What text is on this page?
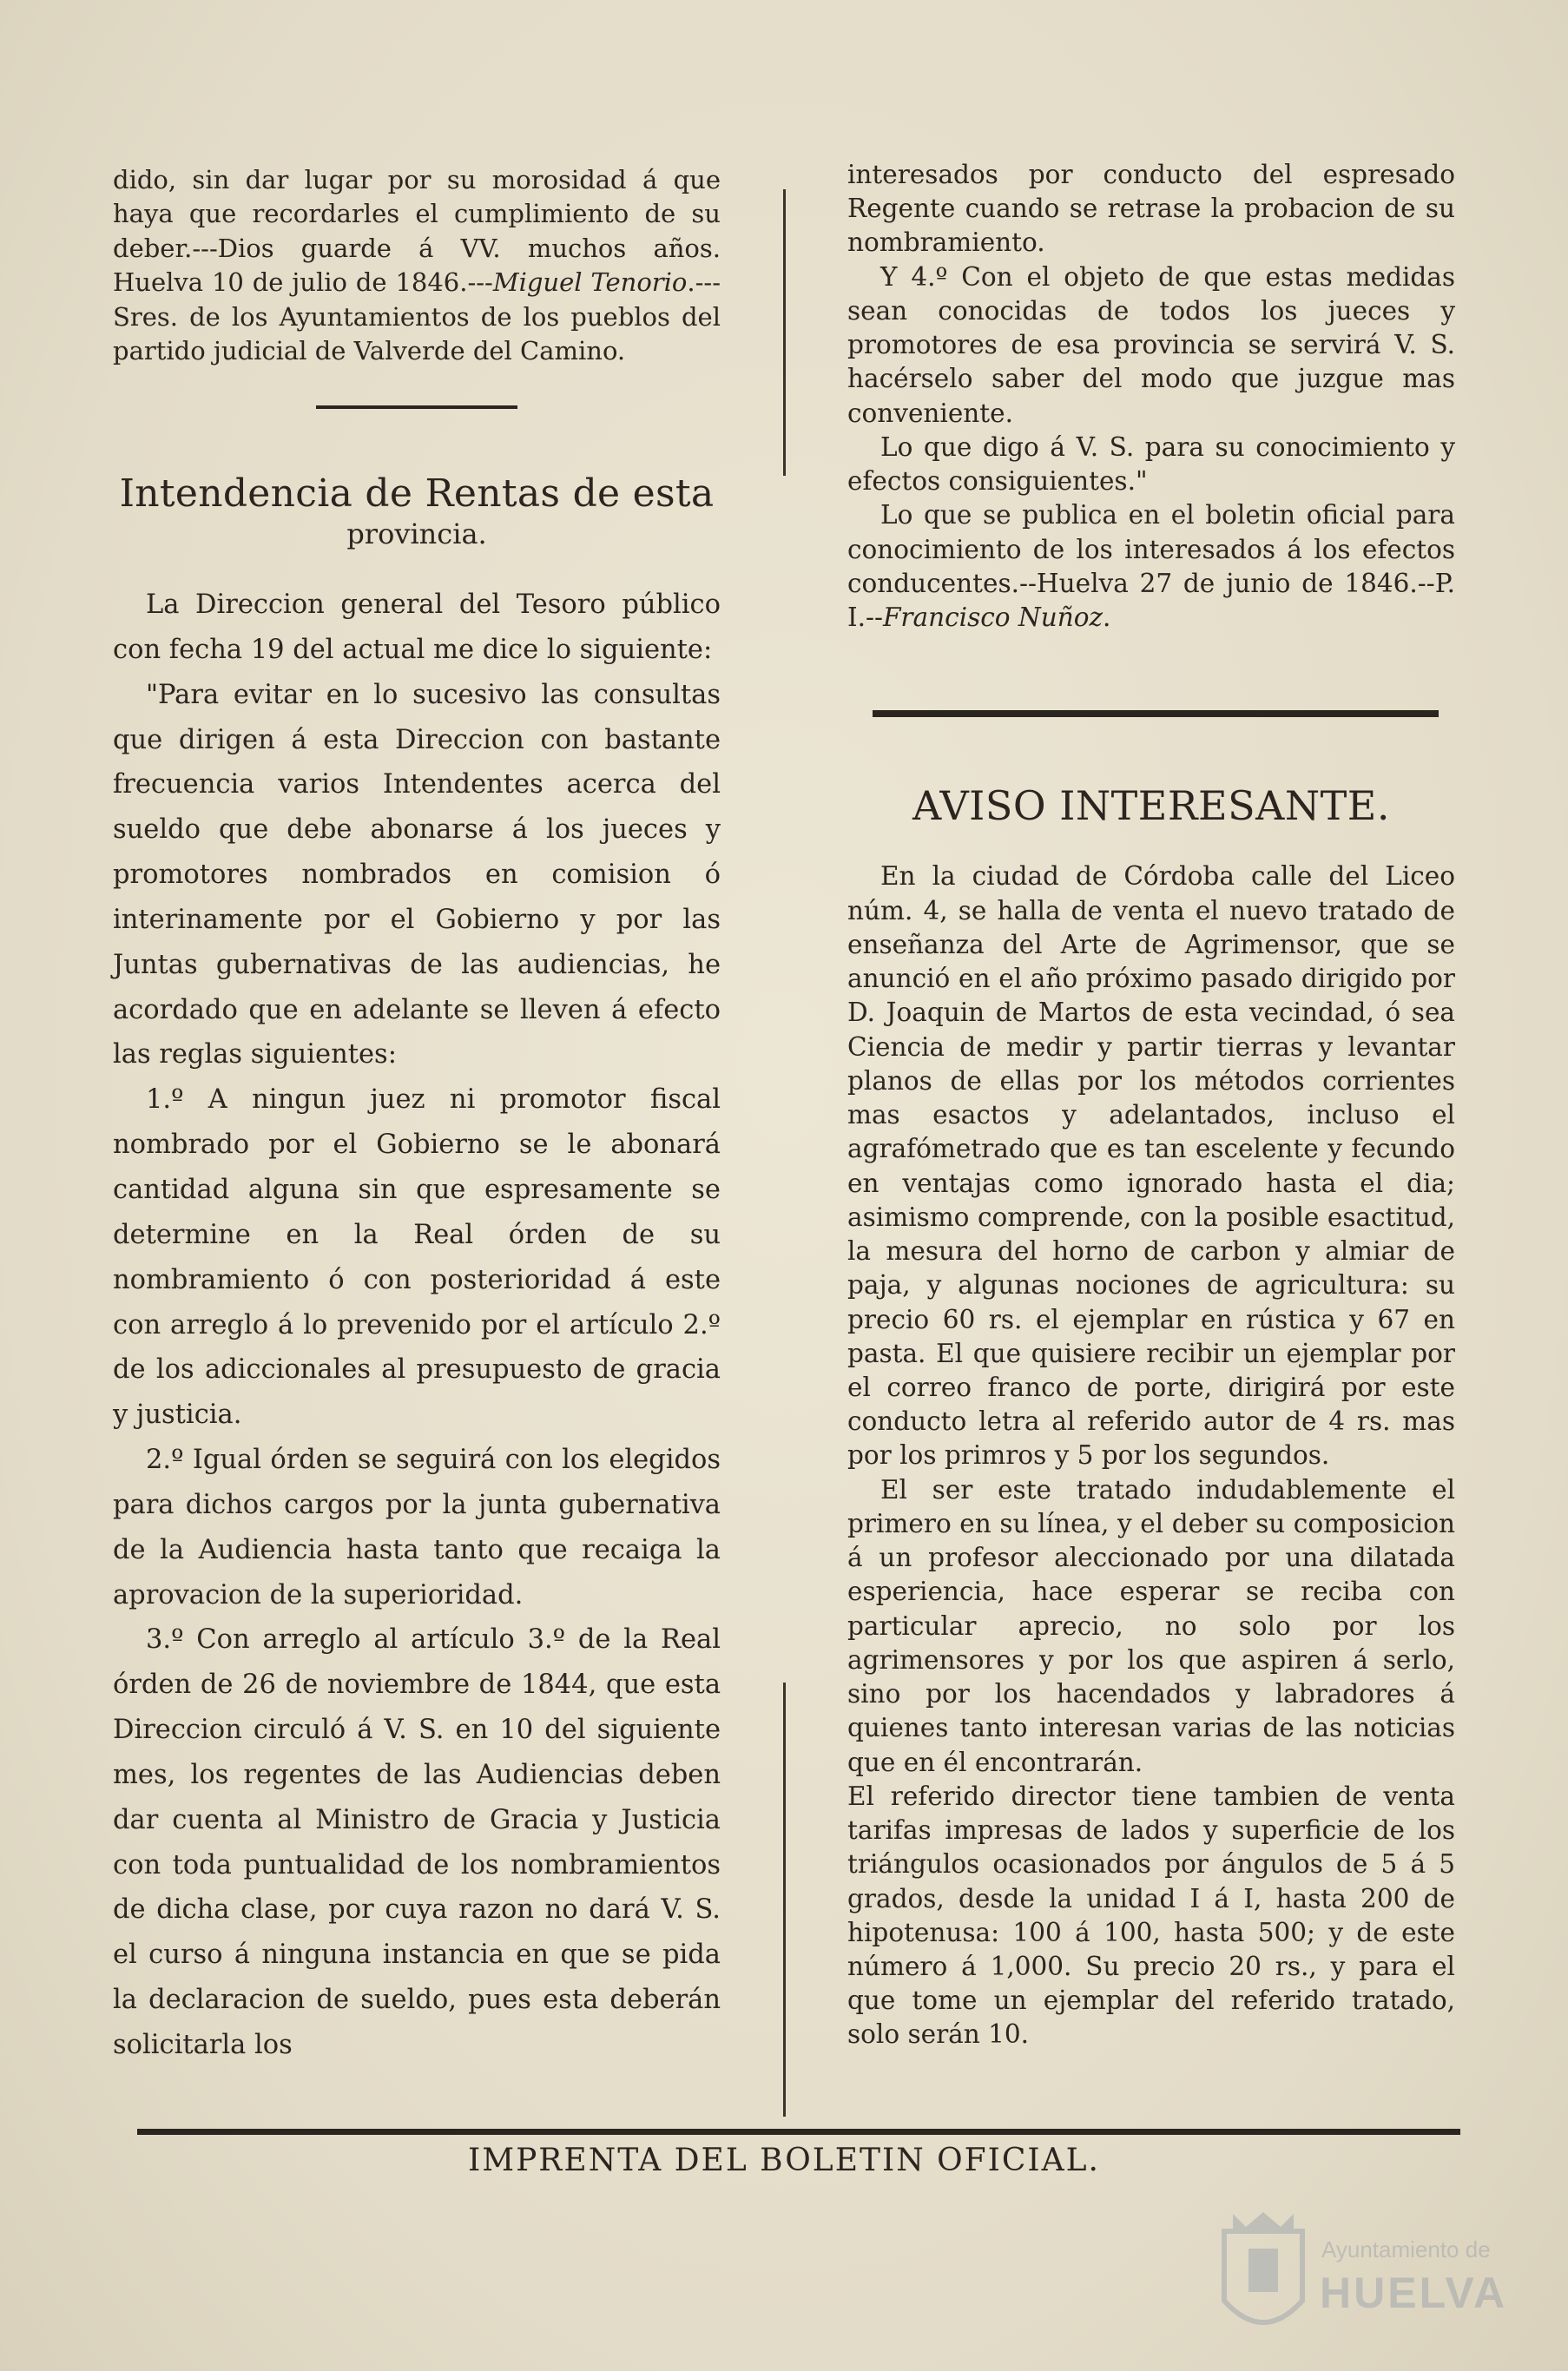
dido, sin dar lugar por su morosidad á que haya que recordarles el cumplimiento de su deber.---Dios guarde á VV. muchos años. Huelva 10 de julio de 1846.---Miguel Tenorio.---Sres. de los Ayuntamientos de los pueblos del partido judicial de Valverde del Camino.

Intendencia de Rentas de esta
provincia.

La Direccion general del Tesoro público con fecha 19 del actual me dice lo siguiente:

"Para evitar en lo sucesivo las consultas que dirigen á esta Direccion con bastante frecuencia varios Intendentes acerca del sueldo que debe abonarse á los jueces y promotores nombrados en comision ó interinamente por el Gobierno y por las Juntas gubernativas de las audiencias, he acordado que en adelante se lleven á efecto las reglas siguientes:

1.º A ningun juez ni promotor fiscal nombrado por el Gobierno se le abonará cantidad alguna sin que espresamente se determine en la Real órden de su nombramiento ó con posterioridad á este con arreglo á lo prevenido por el artículo 2.º de los adiccionales al presupuesto de gracia y justicia.

2.º Igual órden se seguirá con los elegidos para dichos cargos por la junta gubernativa de la Audiencia hasta tanto que recaiga la aprovacion de la superioridad.

3.º Con arreglo al artículo 3.º de la Real órden de 26 de noviembre de 1844, que esta Direccion circuló á V. S. en 10 del siguiente mes, los regentes de las Audiencias deben dar cuenta al Ministro de Gracia y Justicia con toda puntualidad de los nombramientos de dicha clase, por cuya razon no dará V. S. el curso á ninguna instancia en que se pida la declaracion de sueldo, pues esta deberán solicitarla los

interesados por conducto del espresado Regente cuando se retrase la probacion de su nombramiento.

Y 4.º Con el objeto de que estas medidas sean conocidas de todos los jueces y promotores de esa provincia se servirá V. S. hacérselo saber del modo que juzgue mas conveniente.

Lo que digo á V. S. para su conocimiento y efectos consiguientes."

Lo que se publica en el boletin oficial para conocimiento de los interesados á los efectos conducentes.--Huelva 27 de junio de 1846.--P. I.--Francisco Nuñoz.

AVISO INTERESANTE.

En la ciudad de Córdoba calle del Liceo núm. 4, se halla de venta el nuevo tratado de enseñanza del Arte de Agrimensor, que se anunció en el año próximo pasado dirigido por D. Joaquin de Martos de esta vecindad, ó sea Ciencia de medir y partir tierras y levantar planos de ellas por los métodos corrientes mas esactos y adelantados, incluso el agrafómetrado que es tan escelente y fecundo en ventajas como ignorado hasta el dia; asimismo comprende, con la posible esactitud, la mesura del horno de carbon y almiar de paja, y algunas nociones de agricultura: su precio 60 rs. el ejemplar en rústica y 67 en pasta. El que quisiere recibir un ejemplar por el correo franco de porte, dirigirá por este conducto letra al referido autor de 4 rs. mas por los primros y 5 por los segundos.

El ser este tratado indudablemente el primero en su línea, y el deber su composicion á un profesor aleccionado por una dilatada esperiencia, hace esperar se reciba con particular aprecio, no solo por los agrimensores y por los que aspiren á serlo, sino por los hacendados y labradores á quienes tanto interesan varias de las noticias que en él encontrarán.

El referido director tiene tambien de venta tarifas impresas de lados y superficie de los triángulos ocasionados por ángulos de 5 á 5 grados, desde la unidad I á I, hasta 200 de hipotenusa: 100 á 100, hasta 500; y de este número á 1,000. Su precio 20 rs., y para el que tome un ejemplar del referido tratado, solo serán 10.

IMPRENTA DEL BOLETIN OFICIAL.
Ayuntamiento de
HUELVA
